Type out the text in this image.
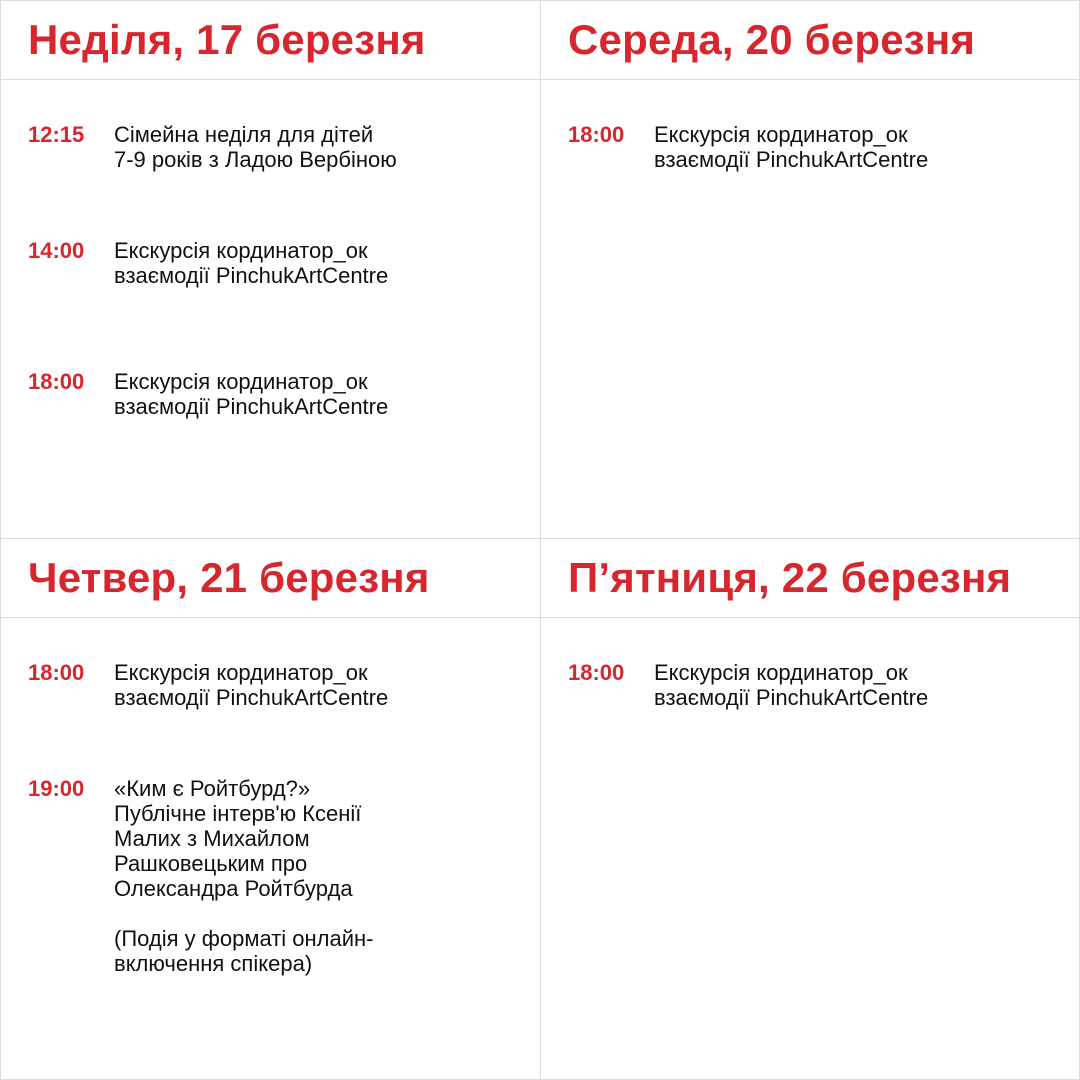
Неділя, 17 березня
12:15 Сімейна неділя для дітей
7-9 років з Ладою Вербіною
14:00 Екскурсія кординатор_ок
взаємодії PinchukArtCentre
18:00 Екскурсія кординатор_ок
взаємодії PinchukArtCentre
Середа, 20 березня
18:00 Екскурсія кординатор_ок
взаємодії PinchukArtCentre
Четвер, 21 березня
18:00 Екскурсія кординатор_ок
взаємодії PinchukArtCentre
19:00 «Ким є Ройтбурд?»
Публічне інтерв'ю Ксенії
Малих з Михайлом
Рашковецьким про
Олександра Ройтбурда

(Подія у форматі онлайн-
включення спікера)
П’ятниця, 22 березня
18:00 Екскурсія кординатор_ок
взаємодії PinchukArtCentre
